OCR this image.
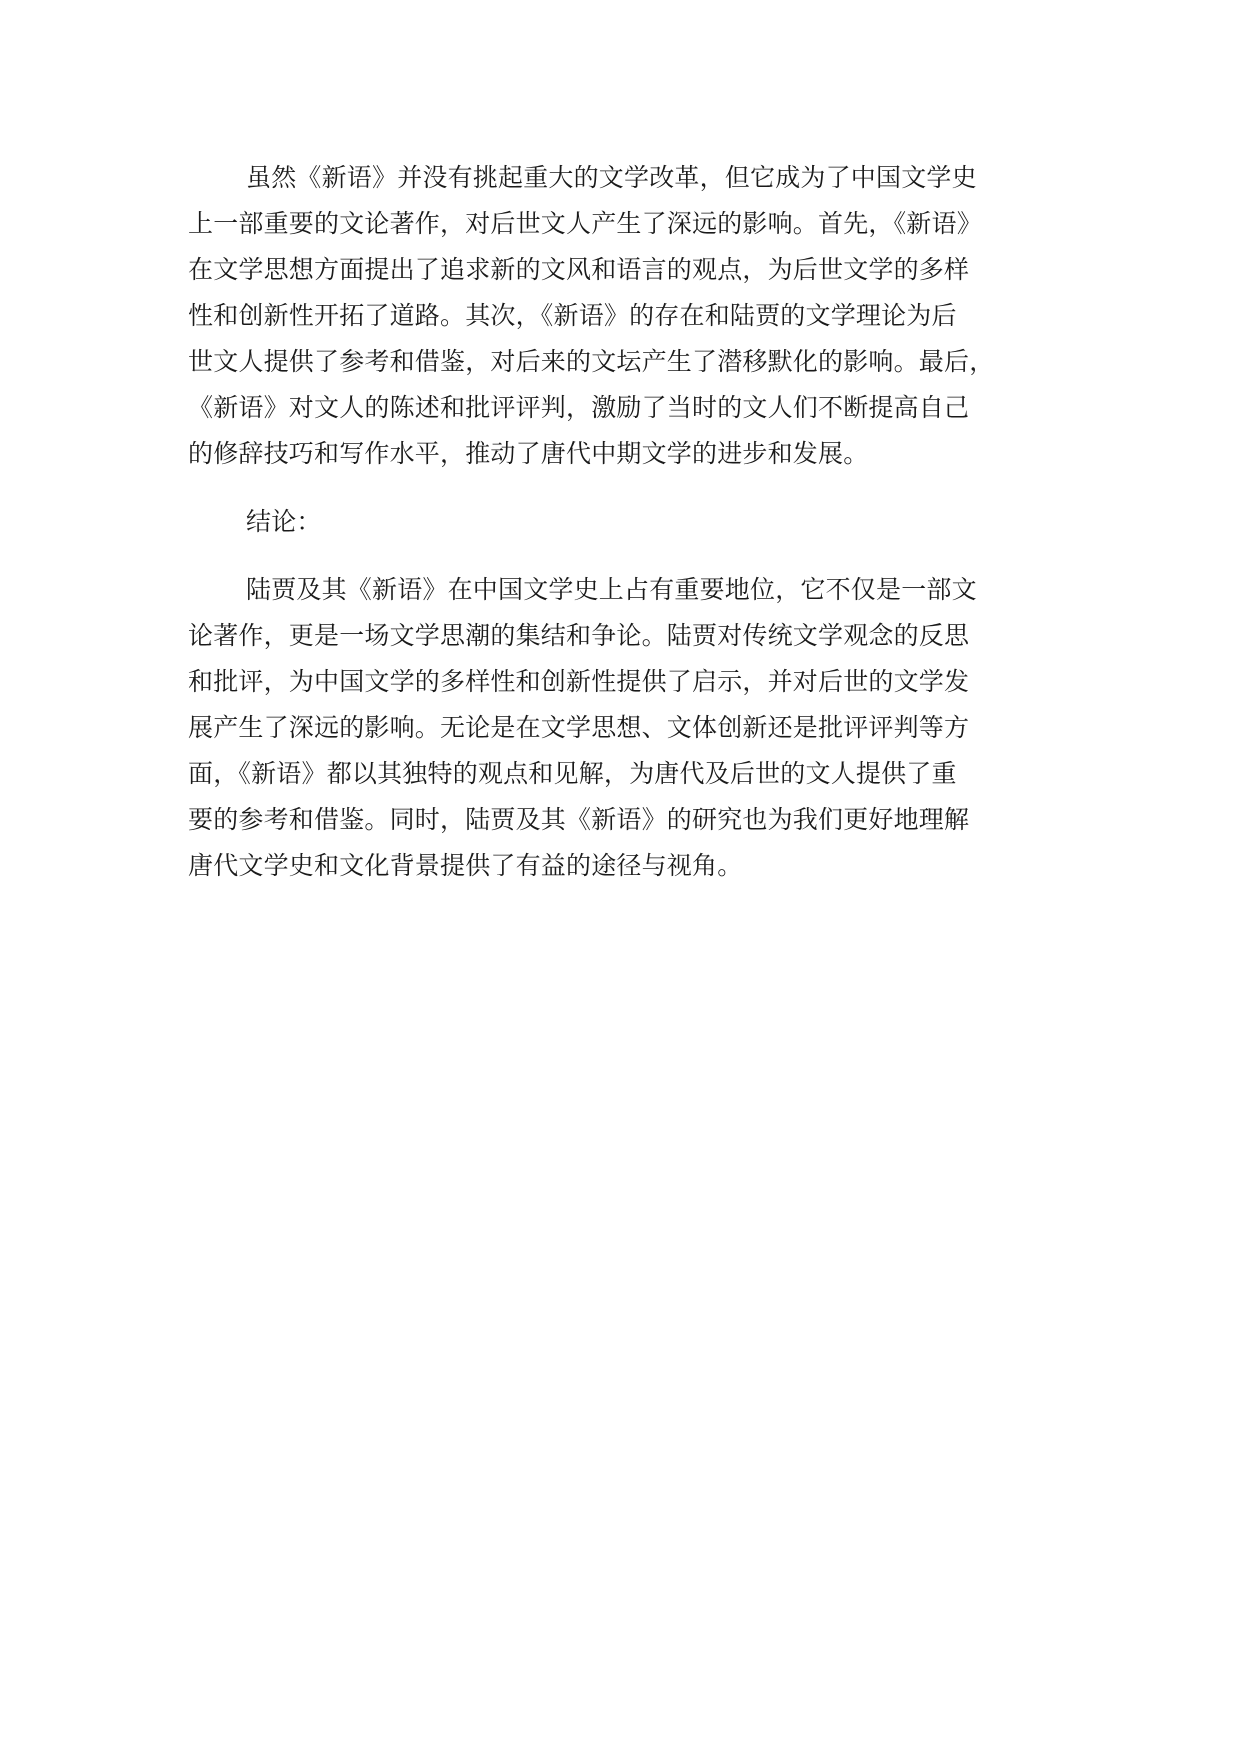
虽然《新语》并没有挑起重大的文学改革，但它成为了中国文学史
上一部重要的文论著作，对后世文人产生了深远的影响。首先，《新语》
在文学思想方面提出了追求新的文风和语言的观点，为后世文学的多样
性和创新性开拓了道路。其次，《新语》的存在和陆贾的文学理论为后
世文人提供了参考和借鉴，对后来的文坛产生了潜移默化的影响。最后，
《新语》对文人的陈述和批评评判，激励了当时的文人们不断提高自己
的修辞技巧和写作水平，推动了唐代中期文学的进步和发展。

结论：

陆贾及其《新语》在中国文学史上占有重要地位，它不仅是一部文
论著作，更是一场文学思潮的集结和争论。陆贾对传统文学观念的反思
和批评，为中国文学的多样性和创新性提供了启示，并对后世的文学发
展产生了深远的影响。无论是在文学思想、文体创新还是批评评判等方
面，《新语》都以其独特的观点和见解，为唐代及后世的文人提供了重
要的参考和借鉴。同时，陆贾及其《新语》的研究也为我们更好地理解
唐代文学史和文化背景提供了有益的途径与视角。
